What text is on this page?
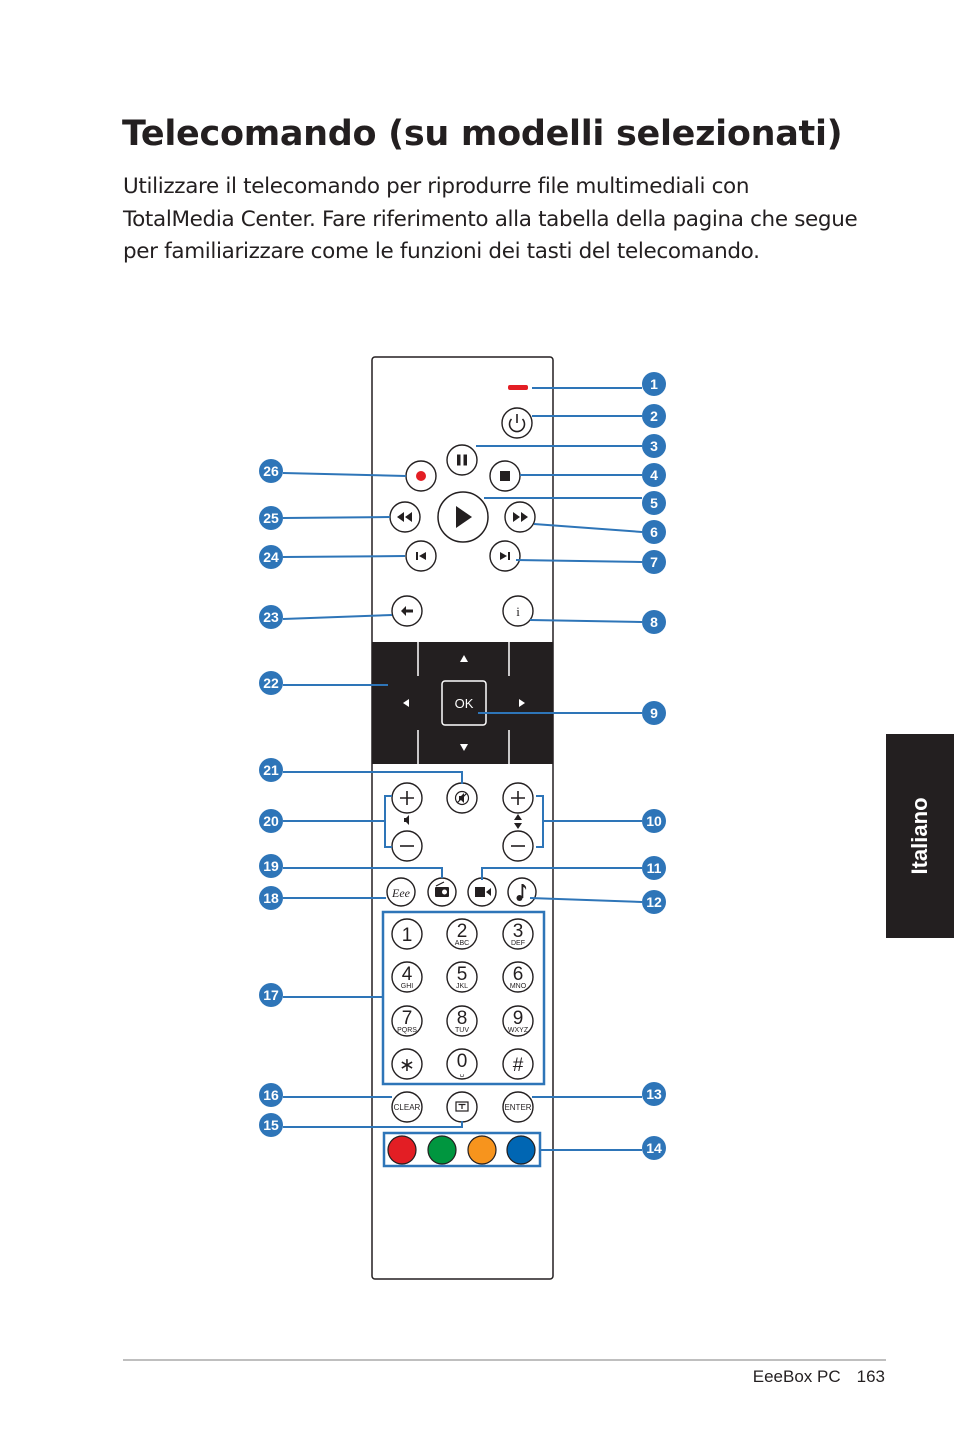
Telecomando (su modelli selezionati)

Utilizzare il telecomando per riprodurre file multimediali con TotalMedia Center. Fare riferimento alla tabella della pagina che segue per familiarizzare come le funzioni dei tasti del telecomando.

Italiano
i
OK
Eee
1 2
ABC
3
DEF
4
GHI
5
JKL
6
MNO
7
PQRS
8
TUV
9
WXYZ
∗ 0
␣	#
CLEAR	ENTER
1
2
3
4
5
6
7
8
9
10
11
12
13
14
15
16
17
18
19
20
21
22
23
24
25
26
EeeBox PC 163
